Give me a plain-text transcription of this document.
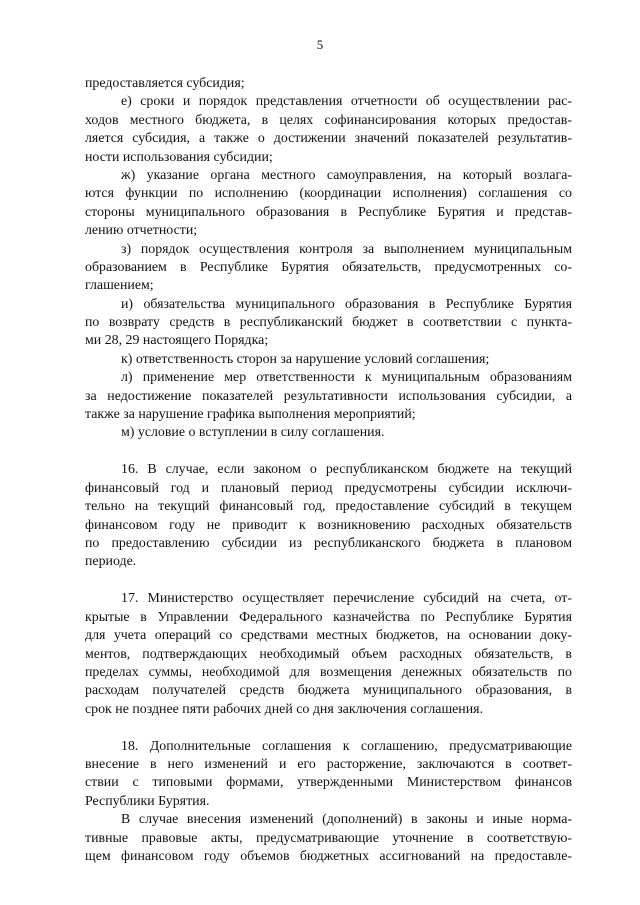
5
предоставляется субсидия;
е) сроки и порядок представления отчетности об осуществлении рас-
ходов местного бюджета, в целях софинансирования которых предостав-
ляется субсидия, а также о достижении значений показателей результатив-
ности использования субсидии;
ж) указание органа местного самоуправления, на который возлага-
ются функции по исполнению (координации исполнения) соглашения со
стороны муниципального образования в Республике Бурятия и представ-
лению отчетности;
з) порядок осуществления контроля за выполнением муниципальным
образованием в Республике Бурятия обязательств, предусмотренных со-
глашением;
и) обязательства муниципального образования в Республике Бурятия
по возврату средств в республиканский бюджет в соответствии с пункта-
ми 28, 29 настоящего Порядка;
к) ответственность сторон за нарушение условий соглашения;
л) применение мер ответственности к муниципальным образованиям
за недостижение показателей результативности использования субсидии, а
также за нарушение графика выполнения мероприятий;
м) условие о вступлении в силу соглашения.
16. В случае, если законом о республиканском бюджете на текущий
финансовый год и плановый период предусмотрены субсидии исключи-
тельно на текущий финансовый год, предоставление субсидий в текущем
финансовом году не приводит к возникновению расходных обязательств
по предоставлению субсидии из республиканского бюджета в плановом
периоде.
17. Министерство осуществляет перечисление субсидий на счета, от-
крытые в Управлении Федерального казначейства по Республике Бурятия
для учета операций со средствами местных бюджетов, на основании доку-
ментов, подтверждающих необходимый объем расходных обязательств, в
пределах суммы, необходимой для возмещения денежных обязательств по
расходам получателей средств бюджета муниципального образования, в
срок не позднее пяти рабочих дней со дня заключения соглашения.
18. Дополнительные соглашения к соглашению, предусматривающие
внесение в него изменений и его расторжение, заключаются в соответ-
ствии с типовыми формами, утвержденными Министерством финансов
Республики Бурятия.
В случае внесения изменений (дополнений) в законы и иные норма-
тивные правовые акты, предусматривающие уточнение в соответствую-
щем финансовом году объемов бюджетных ассигнований на предоставле-
